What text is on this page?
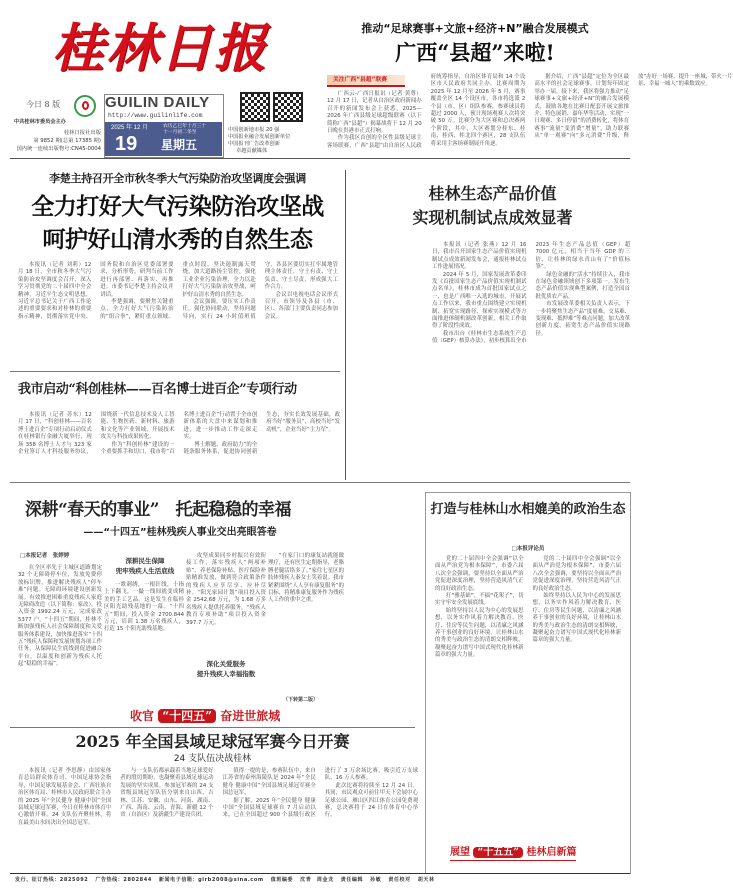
桂林日报
今日 8 版
中共桂林市委员会主办
桂林日报社出版
第 9852 期(总第 17385 期)
国内统一连续出版物号:CN45-0004
GUILIN DAILY
http://www.guilinlife.com
2025 年 12 月
19
农历乙巳年十月三十
十一月初二冬至
星期五
中国创新地市报 20 强
中国报业融合发展创新单位
中国报刊广告改革创新
卓越贡献媒体
推动“足球赛事+文旅+经济+N”融合发展模式
广西“县超”来啦!
关注广西“县超”联赛

广西云-广西日报讯（记者 黄尊）12 月 17 日，记者从自治区政府新闻办召开的新闻发布会上获悉，2025—2026 年广西县级足球超级联赛（以下简称广西“县超”）揭幕战将于 12 月 20 日晚在贵港市正式打响。

作为我区首创的全区性县级足球主客场联赛，广西“县超”由自治区人民政府统筹指导，自治区体育局和 14 个设区市人民政府共同主办。比赛周期为 2025 年 12 月至 2026 年 5 月，赛事覆盖全区 14 个设区市，各市将选派 2 个县（市、区）组队参赛，参赛球员将超过 2000 人，预计现场观赛人次将突破 50 万。比赛分为大区赛和总决赛两个阶段，其中，大区赛划分桂东、桂南、桂西、桂北四个赛区，28 支队伍将采用主客场赛制展开角逐。

据介绍，广西“县超”定位为全区最高水平的社会足球赛事，计划每年固定举办一届。接下来，我区将强力推动“足球赛事+文旅+经济+N”的融合发展模式，鼓励各地在比赛日配套开展文旅推介、特色展销、嘉年华等活动，实现“一日观赛、多日停留”的消费转化，将体育赛事“流量”变消费“增量”，助力联赛从“单一观赛”向“多元消费”升级，释放“办好一场赛、提升一座城、带火一片景、幸福一城人”的乘数效应。

李楚主持召开全市秋冬季大气污染防治攻坚调度会强调
全力打好大气污染防治攻坚战
呵护好山清水秀的自然生态

本报讯（记者 刘莉）12 月 18 日，全市秋冬季大气污染防治攻坚调度会召开，深入学习贯彻党的二十届四中全会精神，习近平生态文明思想，习近平总书记关于广西工作论述的重要要求和对桂林的重要指示精神，贯彻落实党中央、国务院和自治区党委部署要求，分析形势，研判当前工作进行再部署、再落实、再推进。市委书记李楚主持会议并讲话。

李楚强调，要聚焦关键重点，全力打好大气污染防治的“组合拳”，紧盯重点领域、重点时段，坚决遏制露天焚烧，加大道路扬尘管控，强化工业企业污染治理，全力以赴打好大气污染防治攻坚战，呵护好山清水秀的自然生态。

会议强调，要压实工作责任，强化协同联动，坚持问题导向，实行 24 小时值班值守，各县区要切实扛牢属地管理主体责任，守土有责、守土负责、守土尽责，形成强大工作合力。

会议以电视电话会议形式召开，市领导及各县（市、区）、各部门主要负责同志参加会议。

桂林生态产品价值
实现机制试点成效显著

本报讯（记者 张燕）12 月 16 日，我市召开国家生态产品价值实现机制试点成效新闻发布会，通报桂林试点工作进展情况。

2024 年 5 月，国家发展改革委印发《首批国家生态产品价值实现机制试点名单》，桂林市成为首批国家试点之一，也是广西唯一入选的城市。开展试点工作以来，我市重点围绕建立实现机制、拓宽实现路径、探索实现模式等方面推进体制机制改革创新，相关工作取得了阶段性成效。

我市出台《桂林市生态系统生产总值（GEP）核算办法》，初步核算出全市 2023 年生态产品总值（GEP）超 7000 亿元，相当于当年 GDP 的三倍，让桂林的绿水青山有了“价值标签”。

绿色金融的“活水”持续注入，我市在绿色金融领域创下多项第一。发布生态产品价值实现典型案例，打造全国首批优质农产品。

市发展改革委相关负责人表示，下一步将聚焦生态产品“度量难、交易难、变现难、抵押难”等难点问题，加大改革创新力度，拓宽生态产品价值实现路径。

我市启动“科创桂林——百名博士进百企”专项行动

本报讯（记者 苏东）12 月 17 日，“科创桂林——百名博士进百企”专项行动启动仪式在桂林银行金融大厦举行，现场 358 名博士人才与 323 家企业签订人才科技服务协议，围绕新一代信息技术及人工智能、生物医药、新材料、旅游和文化等产业领域，开展技术攻关与科技成果转化。

作为“科创桂林”建设的一个重要抓手和切口，我市将“百名博士进百企”行动置于全市创新体系的大盘中来谋划和推进，进一步推动工作走深走实。

博士解题、政府助力”的全链条服务体系，促进协同创新生态，夯实长效发展基础，政府当好“服务员”，高校当好“发动机”，企业当好“主力军”。

深耕“春天的事业”　托起稳稳的幸福
——“十四五”桂林残疾人事业交出亮眼答卷
□本报记者　张婷婷
深耕民生保障
兜牢残疾人生活底线
深化关爱服务
提升残疾人幸福指数

在全区率先于主城区道路划定 32 个无障碍停车位，发放免费停放标识牌，推进解决残疾人“停车难”问题。无障碍环境建设创新发展。有效推进困难重度残疾人家庭无障碍改造（以下简称：家改），投入资金 1992.24 万元，完成家改 5377 户。“十四五”期间，桂林不断加强残疾人社会保障制度和关爱服务体系建设，加快推进落实“十四五”残疾人保障和发展规划各项工作任务，从保障民生底线到促进融合平台，以温度和创新为残疾人托起“稳稳的幸福”。

一歌刺绣，一根针线，十指上下翻飞，一撮一线间就变成精美的手工艺品。这是发生在临桂区阳光助残基地的一幕。“十四五”期间，投入资金 2700.844 万元，培训 1.38 万名残疾人，打造 15 个阳光助残基地。

攻坚成果同乡村振兴有效衔接工作，落实残疾人“两项补贴”、养老保险补贴、医疗保险补贴精准发放，做到符合政策条件的残疾人应享尽享、应补尽补。“阳光家园计划”项目投入资金 2542.68 万元，为 1.68 万多名残疾人提供托养服务。“残疾人教育专项补助”项目投入资金 397.7 万元。

“在家门口的康复站就能做理疗，还有医生定期指导，老胳膊老腿活络多了。”家住七星区的肢体残疾人秦女士笑着说。我市紧紧围绕“人人享有康复服务”的目标，将精准康复服务作为残疾人工作的重中之重。

（下转第二版）
收官 “十四五” 奋进世旅城
打造与桂林山水相媲美的政治生态
□本报评论员

党的二十届四中全会强调“以全面从严治党为根本保障”，市委六届八次全会强调，要坚持以全面从严治党促进深度治理，坚持营造风清气正的良好政治生态。

打“雅基础”，不搞“花架子”，切实守牢安全发展底线。

始终坚持以人民为中心的发展思想，以务实作风着力解决教育、医疗、住房等民生问题，以清廉之风涵养干事创业的良好环境，让桂林山水的秀美与政治生态的清朗交相辉映，凝聚起奋力谱写中国式现代化桂林新篇章的强大力量。

党的二十届四中全会强调“以全面从严治党为根本保障”，市委六届八次全会强调，要坚持以全面从严治党促进深度治理，坚持营造风清气正的良好政治生态。

始终坚持以人民为中心的发展思想，以务实作风着力解决教育、医疗、住房等民生问题，以清廉之风涵养干事创业的良好环境，让桂林山水的秀美与政治生态的清朗交相辉映，凝聚起奋力谱写中国式现代化桂林新篇章的强大力量。

展望 “十五五” 桂林启新篇
2025 年全国县域足球冠军赛今日开赛
24 支队伍决战桂林

本报讯（记者 李思静）由国家体育总局群众体育司、中国足球协会指导，中国足球发展基金会、广西壮族自治区体育局、桂林市人民政府联合主办的 2025 年“全民健身 健康中国”全国县域足球冠军赛，今日在桂林市体育中心激情开赛。24 支队伍齐聚桂林，将在最美山水间决出全国总冠军。

与一支队伍都承载着当地足球爱好者的殷切期盼，也凝聚着县域足球运动发展的坚实成果。参加冠军赛的 24 支省级县域冠军队伍分别来自山西、吉林、江苏、安徽、山东、河南、湖南、广西、海南、云南、青海、新疆 12 个省（自治区）及新疆生产建设兵团。

值得一提的是，参赛队伍中，来自江苏省的泰州海陵队是 2024 年“全民健身 健康中国”全国县域足球冠军赛全国总冠军。

据了解，2025 年“全民健身 健康中国”全国县域足球赛自 7 月启动以来，已在全国超过 900 个县级行政区进行了 3 万余场比赛，吸引近万支球队、16 万人参赛。

此次比赛将持续至 12 月 24 日。其间，市民观众可前往甲天下会展中心足球公园、雁山区四江体育公园免费观赛，总决赛将于 24 日在体育中心举行。

发行、征订热线：2825092 广告热线：2802844 新闻电子信箱：glrb2008@sina.com 值班编委 沈青　周金龙 责任编辑 孙敏 责任校对 胡天林
